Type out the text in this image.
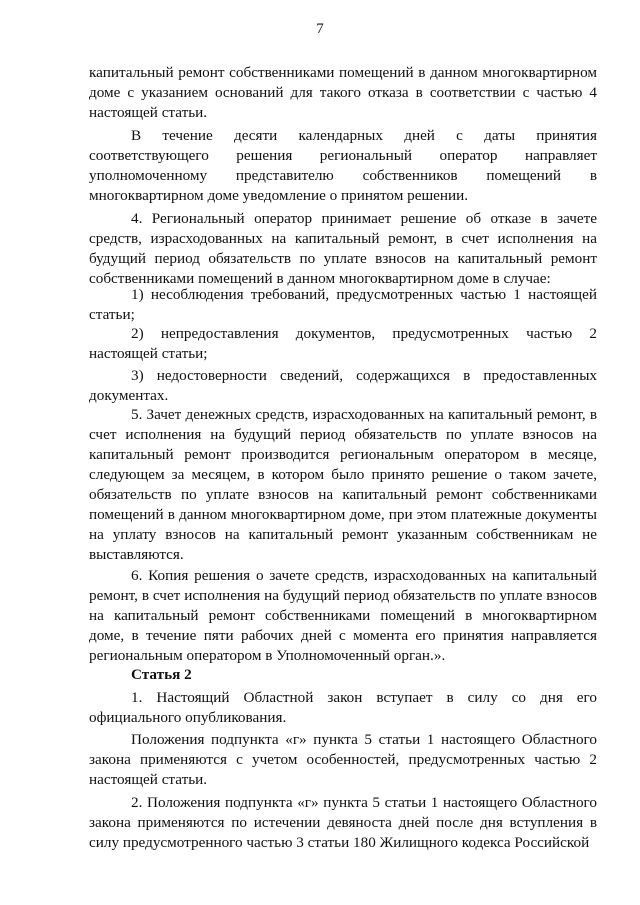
7

капитальный ремонт собственниками помещений в данном многоквартирном доме с указанием оснований для такого отказа в соответствии с частью 4 настоящей статьи.

В течение десяти календарных дней с даты принятия соответствующего решения региональный оператор направляет уполномоченному представителю собственников помещений в многоквартирном доме уведомление о принятом решении.

4. Региональный оператор принимает решение об отказе в зачете средств, израсходованных на капитальный ремонт, в счет исполнения на будущий период обязательств по уплате взносов на капитальный ремонт собственниками помещений в данном многоквартирном доме в случае:

1) несоблюдения требований, предусмотренных частью 1 настоящей статьи;

2) непредоставления документов, предусмотренных частью 2 настоящей статьи;

3) недостоверности сведений, содержащихся в предоставленных документах.

5. Зачет денежных средств, израсходованных на капитальный ремонт, в счет исполнения на будущий период обязательств по уплате взносов на капитальный ремонт производится региональным оператором в месяце, следующем за месяцем, в котором было принято решение о таком зачете, обязательств по уплате взносов на капитальный ремонт собственниками помещений в данном многоквартирном доме, при этом платежные документы на уплату взносов на капитальный ремонт указанным собственникам не выставляются.

6. Копия решения о зачете средств, израсходованных на капитальный ремонт, в счет исполнения на будущий период обязательств по уплате взносов на капитальный ремонт собственниками помещений в многоквартирном доме, в течение пяти рабочих дней с момента его принятия направляется региональным оператором в Уполномоченный орган.».

Статья 2

1. Настоящий Областной закон вступает в силу со дня его официального опубликования.

Положения подпункта «г» пункта 5 статьи 1 настоящего Областного закона применяются с учетом особенностей, предусмотренных частью 2 настоящей статьи.

2. Положения подпункта «г» пункта 5 статьи 1 настоящего Областного закона применяются по истечении девяноста дней после дня вступления в силу предусмотренного частью 3 статьи 180 Жилищного кодекса Российской
